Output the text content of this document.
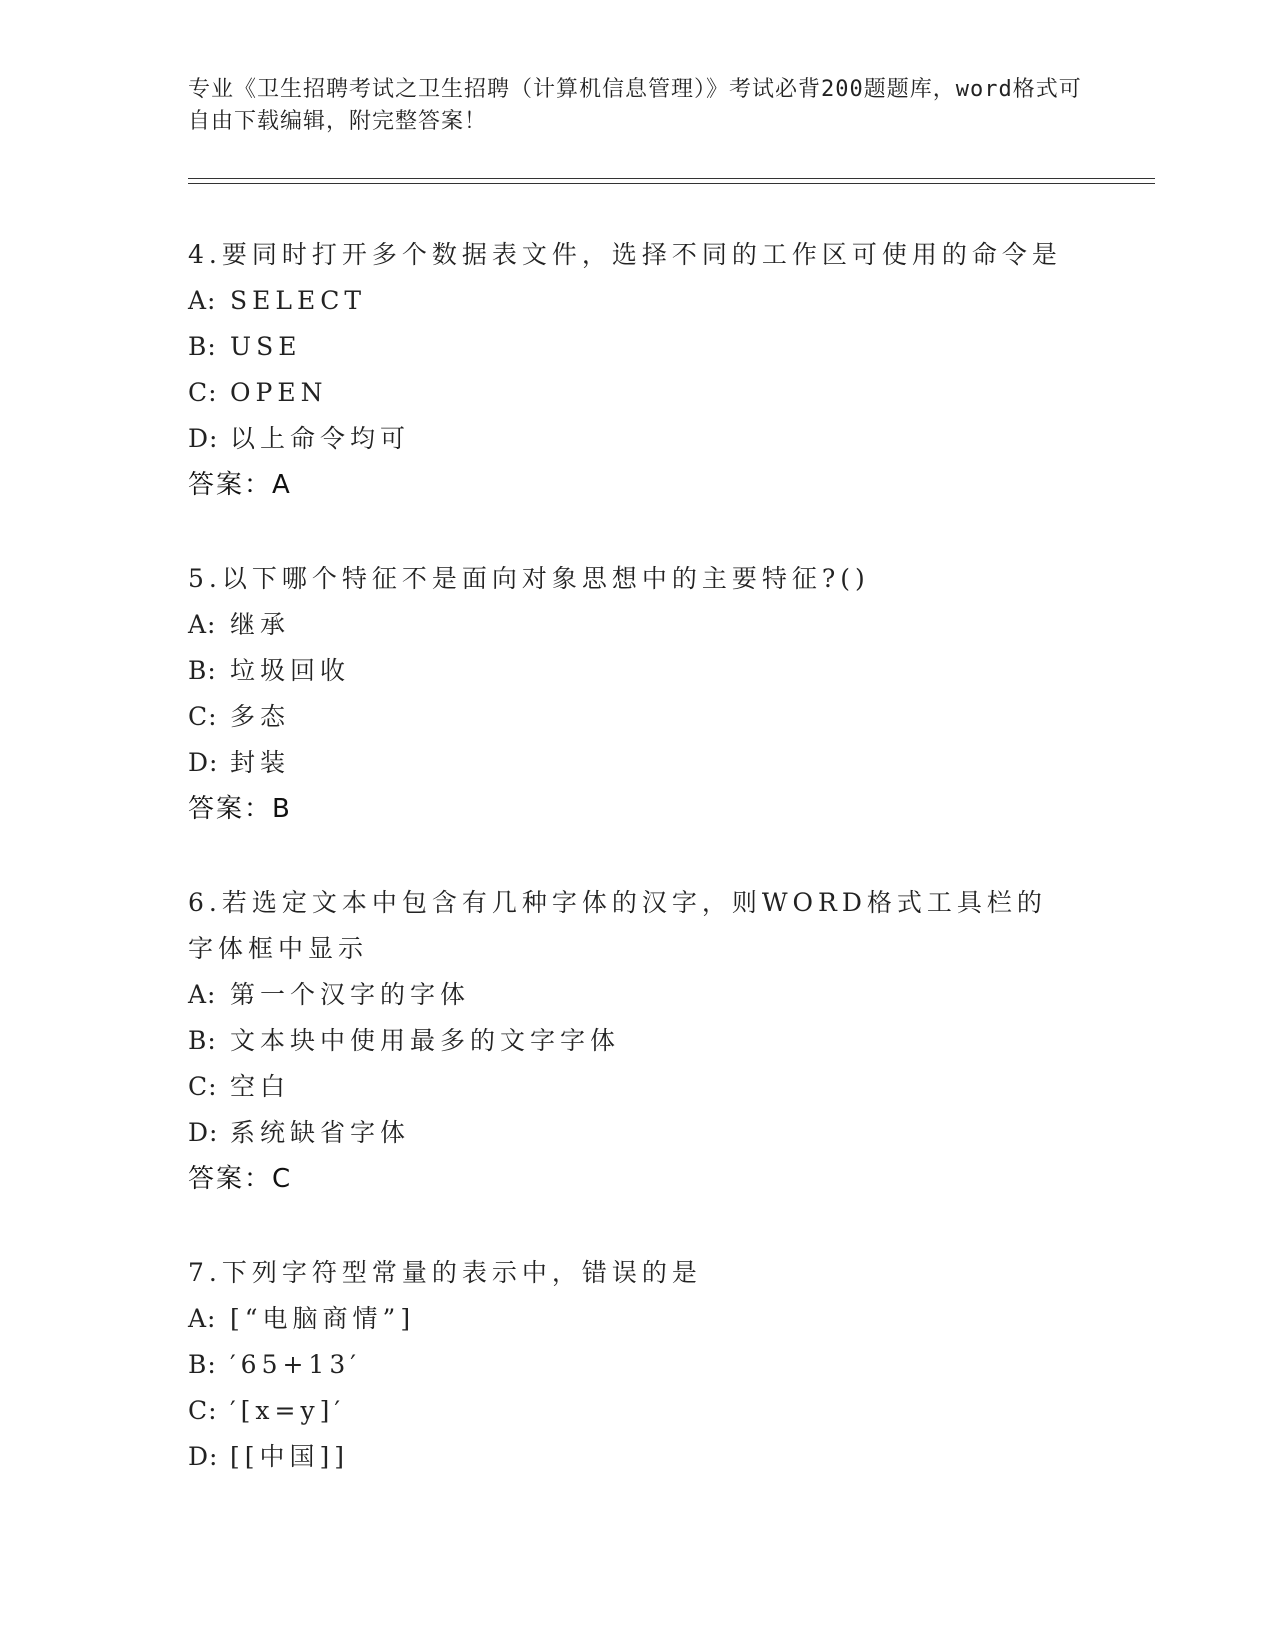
专业《卫生招聘考试之卫生招聘（计算机信息管理）》考试必背200题题库，word格式可自由下载编辑，附完整答案！
4.要同时打开多个数据表文件，选择不同的工作区可使用的命令是
A: SELECT
B: USE
C: OPEN
D: 以上命令均可
答案：A
5.以下哪个特征不是面向对象思想中的主要特征?()
A: 继承
B: 垃圾回收
C: 多态
D: 封装
答案：B
6.若选定文本中包含有几种字体的汉字，则WORD格式工具栏的字体框中显示
A: 第一个汉字的字体
B: 文本块中使用最多的文字字体
C: 空白
D: 系统缺省字体
答案：C
7.下列字符型常量的表示中，错误的是
A: [“电脑商情”]
B: ′65+13′
C: ′[x=y]′
D: [[中国]]
